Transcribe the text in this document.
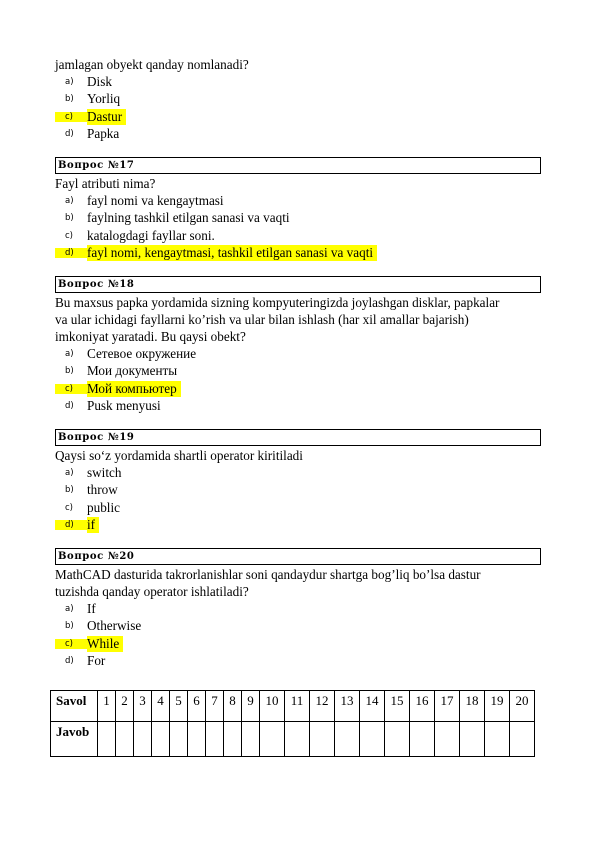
jamlagan obyekt qanday nomlanadi?

a)	Disk
b)	Yorliq
c)	Dastur
d)	Papka
Вопрос №17

Fayl atributi nima?

a)	fayl nomi va kengaytmasi
b)	faylning tashkil etilgan sanasi va vaqti
c)	katalogdagi fayllar soni.
d)	fayl nomi, kengaytmasi, tashkil etilgan sanasi va vaqti
Вопрос №18

Bu maxsus papka yordamida sizning kompyuteringizda joylashgan disklar, papkalar

va ular ichidagi fayllarni ko’rish va ular bilan ishlash (har xil amallar bajarish)

imkoniyat yaratadi. Bu qaysi obekt?

a)	Сетевое окружение
b)	Мои документы
c)	Мой компьютер
d)	Pusk menyusi
Вопрос №19

Qaysi so‘z yordamida shartli operator kiritiladi

a)	switch
b)	throw
c)	public
d)	if
Вопрос №20

MathCAD dasturida takrorlanishlar soni qandaydur shartga bog’liq bo’lsa dastur

tuzishda qanday operator ishlatiladi?

a)	If
b)	Otherwise
c)	While
d)	For
Savol	1	2	3	4	5	6	7	8	9	10	11	12	13	14	15	16	17	18	19	20
Javob																				
